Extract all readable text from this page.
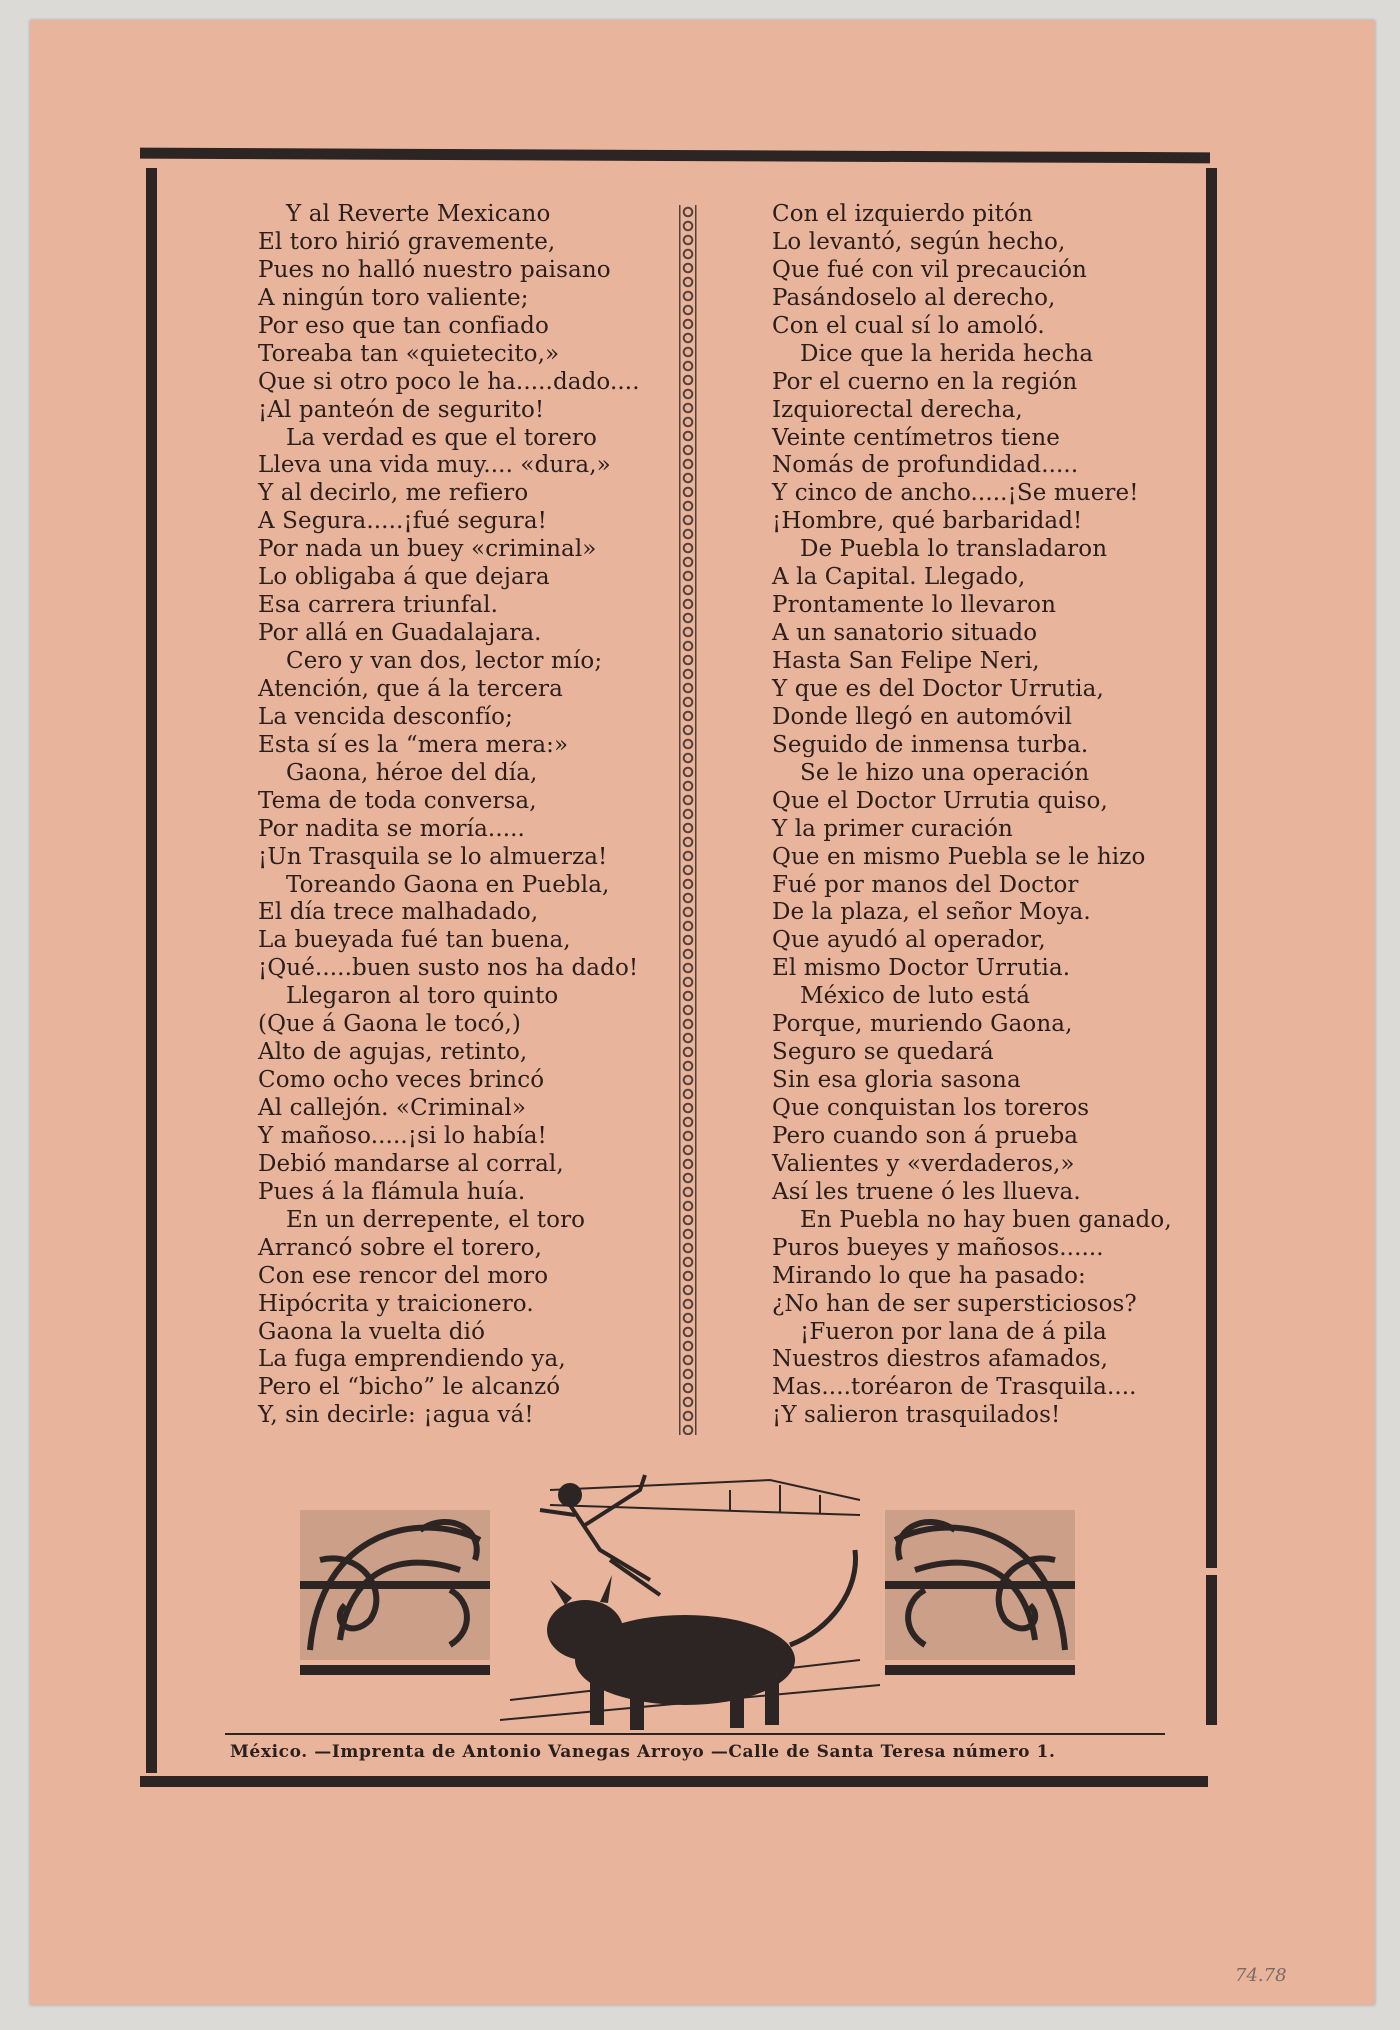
Y al Reverte Mexicano
El toro hirió gravemente,
Pues no halló nuestro paisano
A ningún toro valiente;
Por eso que tan confiado
Toreaba tan «quietecito,»
Que si otro poco le ha.....dado....
¡Al panteón de segurito!
La verdad es que el torero
Lleva una vida muy.... «dura,»
Y al decirlo, me refiero
A Segura.....¡fué segura!
Por nada un buey «criminal»
Lo obligaba á que dejara
Esa carrera triunfal.
Por allá en Guadalajara.
Cero y van dos, lector mío;
Atención, que á la tercera
La vencida desconfío;
Esta sí es la “mera mera:»
Gaona, héroe del día,
Tema de toda conversa,
Por nadita se moría.....
¡Un Trasquila se lo almuerza!
Toreando Gaona en Puebla,
El día trece malhadado,
La bueyada fué tan buena,
¡Qué.....buen susto nos ha dado!
Llegaron al toro quinto
(Que á Gaona le tocó,)
Alto de agujas, retinto,
Como ocho veces brincó
Al callejón. «Criminal»
Y mañoso.....¡si lo había!
Debió mandarse al corral,
Pues á la flámula huía.
En un derrepente, el toro
Arrancó sobre el torero,
Con ese rencor del moro
Hipócrita y traicionero.
Gaona la vuelta dió
La fuga emprendiendo ya,
Pero el “bicho” le alcanzó
Y, sin decirle: ¡agua vá!
Con el izquierdo pitón
Lo levantó, según hecho,
Que fué con vil precaución
Pasándoselo al derecho,
Con el cual sí lo amoló.
Dice que la herida hecha
Por el cuerno en la región
Izquiorectal derecha,
Veinte centímetros tiene
Nomás de profundidad.....
Y cinco de ancho.....¡Se muere!
¡Hombre, qué barbaridad!
De Puebla lo transladaron
A la Capital. Llegado,
Prontamente lo llevaron
A un sanatorio situado
Hasta San Felipe Neri,
Y que es del Doctor Urrutia,
Donde llegó en automóvil
Seguido de inmensa turba.
Se le hizo una operación
Que el Doctor Urrutia quiso,
Y la primer curación
Que en mismo Puebla se le hizo
Fué por manos del Doctor
De la plaza, el señor Moya.
Que ayudó al operador,
El mismo Doctor Urrutia.
México de luto está
Porque, muriendo Gaona,
Seguro se quedará
Sin esa gloria sasona
Que conquistan los toreros
Pero cuando son á prueba
Valientes y «verdaderos,»
Así les truene ó les llueva.
En Puebla no hay buen ganado,
Puros bueyes y mañosos......
Mirando lo que ha pasado:
¿No han de ser supersticiosos?
¡Fueron por lana de á pila
Nuestros diestros afamados,
Mas....toréaron de Trasquila....
¡Y salieron trasquilados!
México. —Imprenta de Antonio Vanegas Arroyo —Calle de Santa Teresa número 1.
74.78
